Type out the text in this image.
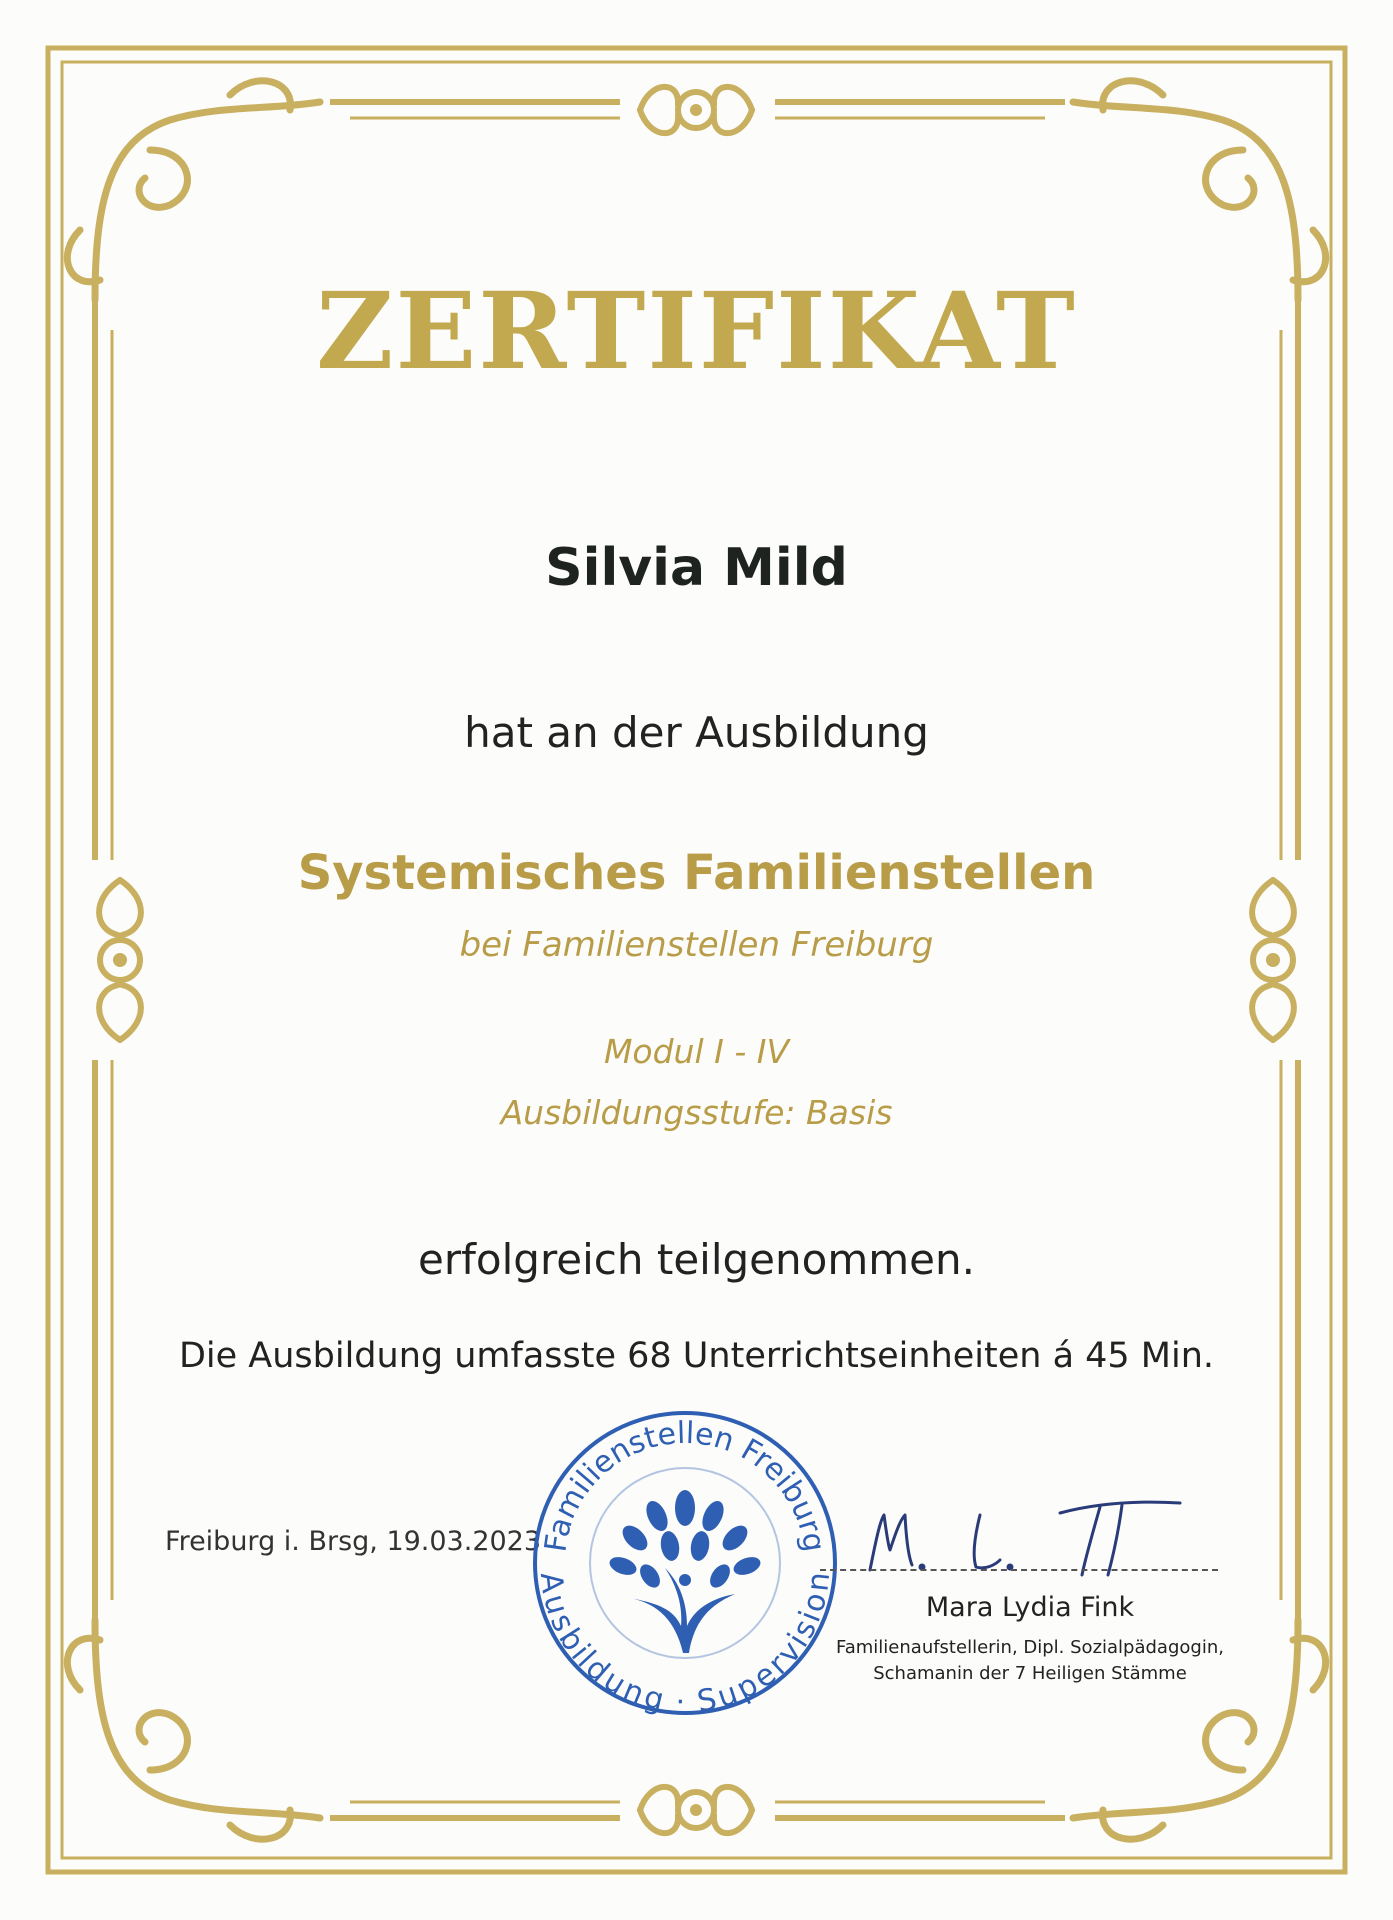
ZERTIFIKAT
Silvia Mild
hat an der Ausbildung
Systemisches Familienstellen
bei Familienstellen Freiburg
Modul I - IV
Ausbildungsstufe: Basis
erfolgreich teilgenommen.
Die Ausbildung umfasste 68 Unterrichtseinheiten á 45 Min.
Freiburg i. Brsg, 19.03.2023
Familienstellen Freiburg
Ausbildung · Supervision
Mara Lydia Fink
Familienaufstellerin, Dipl. Sozialpädagogin,
Schamanin der 7 Heiligen Stämme
